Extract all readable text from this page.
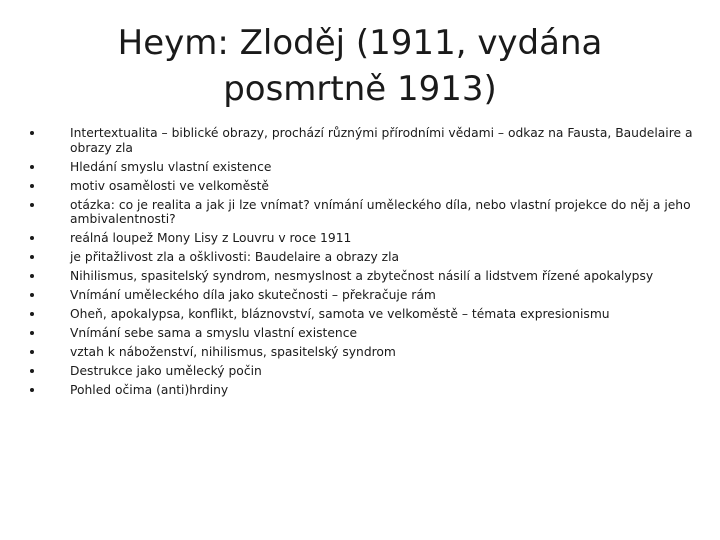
Heym: Zloděj (1911, vydána posmrtně 1913)
Intertextualita – biblické obrazy, prochází různými přírodními vědami – odkaz na Fausta, Baudelaire a obrazy zla
Hledání smyslu vlastní existence
motiv osamělosti ve velkoměstě
otázka: co je realita a jak ji lze vnímat? vnímání uměleckého díla, nebo vlastní projekce do něj a jeho ambivalentnosti?
reálná loupež Mony Lisy z Louvru v roce 1911
je přitažlivost zla a ošklivosti: Baudelaire a obrazy zla
Nihilismus, spasitelský syndrom, nesmyslnost a zbytečnost násilí a lidstvem řízené apokalypsy
Vnímání uměleckého díla jako skutečnosti – překračuje rám
Oheň, apokalypsa, konflikt, bláznovství, samota ve velkoměstě – témata expresionismu
Vnímání sebe sama a smyslu vlastní existence
vztah k náboženství, nihilismus, spasitelský syndrom
Destrukce jako umělecký počin
Pohled očima (anti)hrdiny
